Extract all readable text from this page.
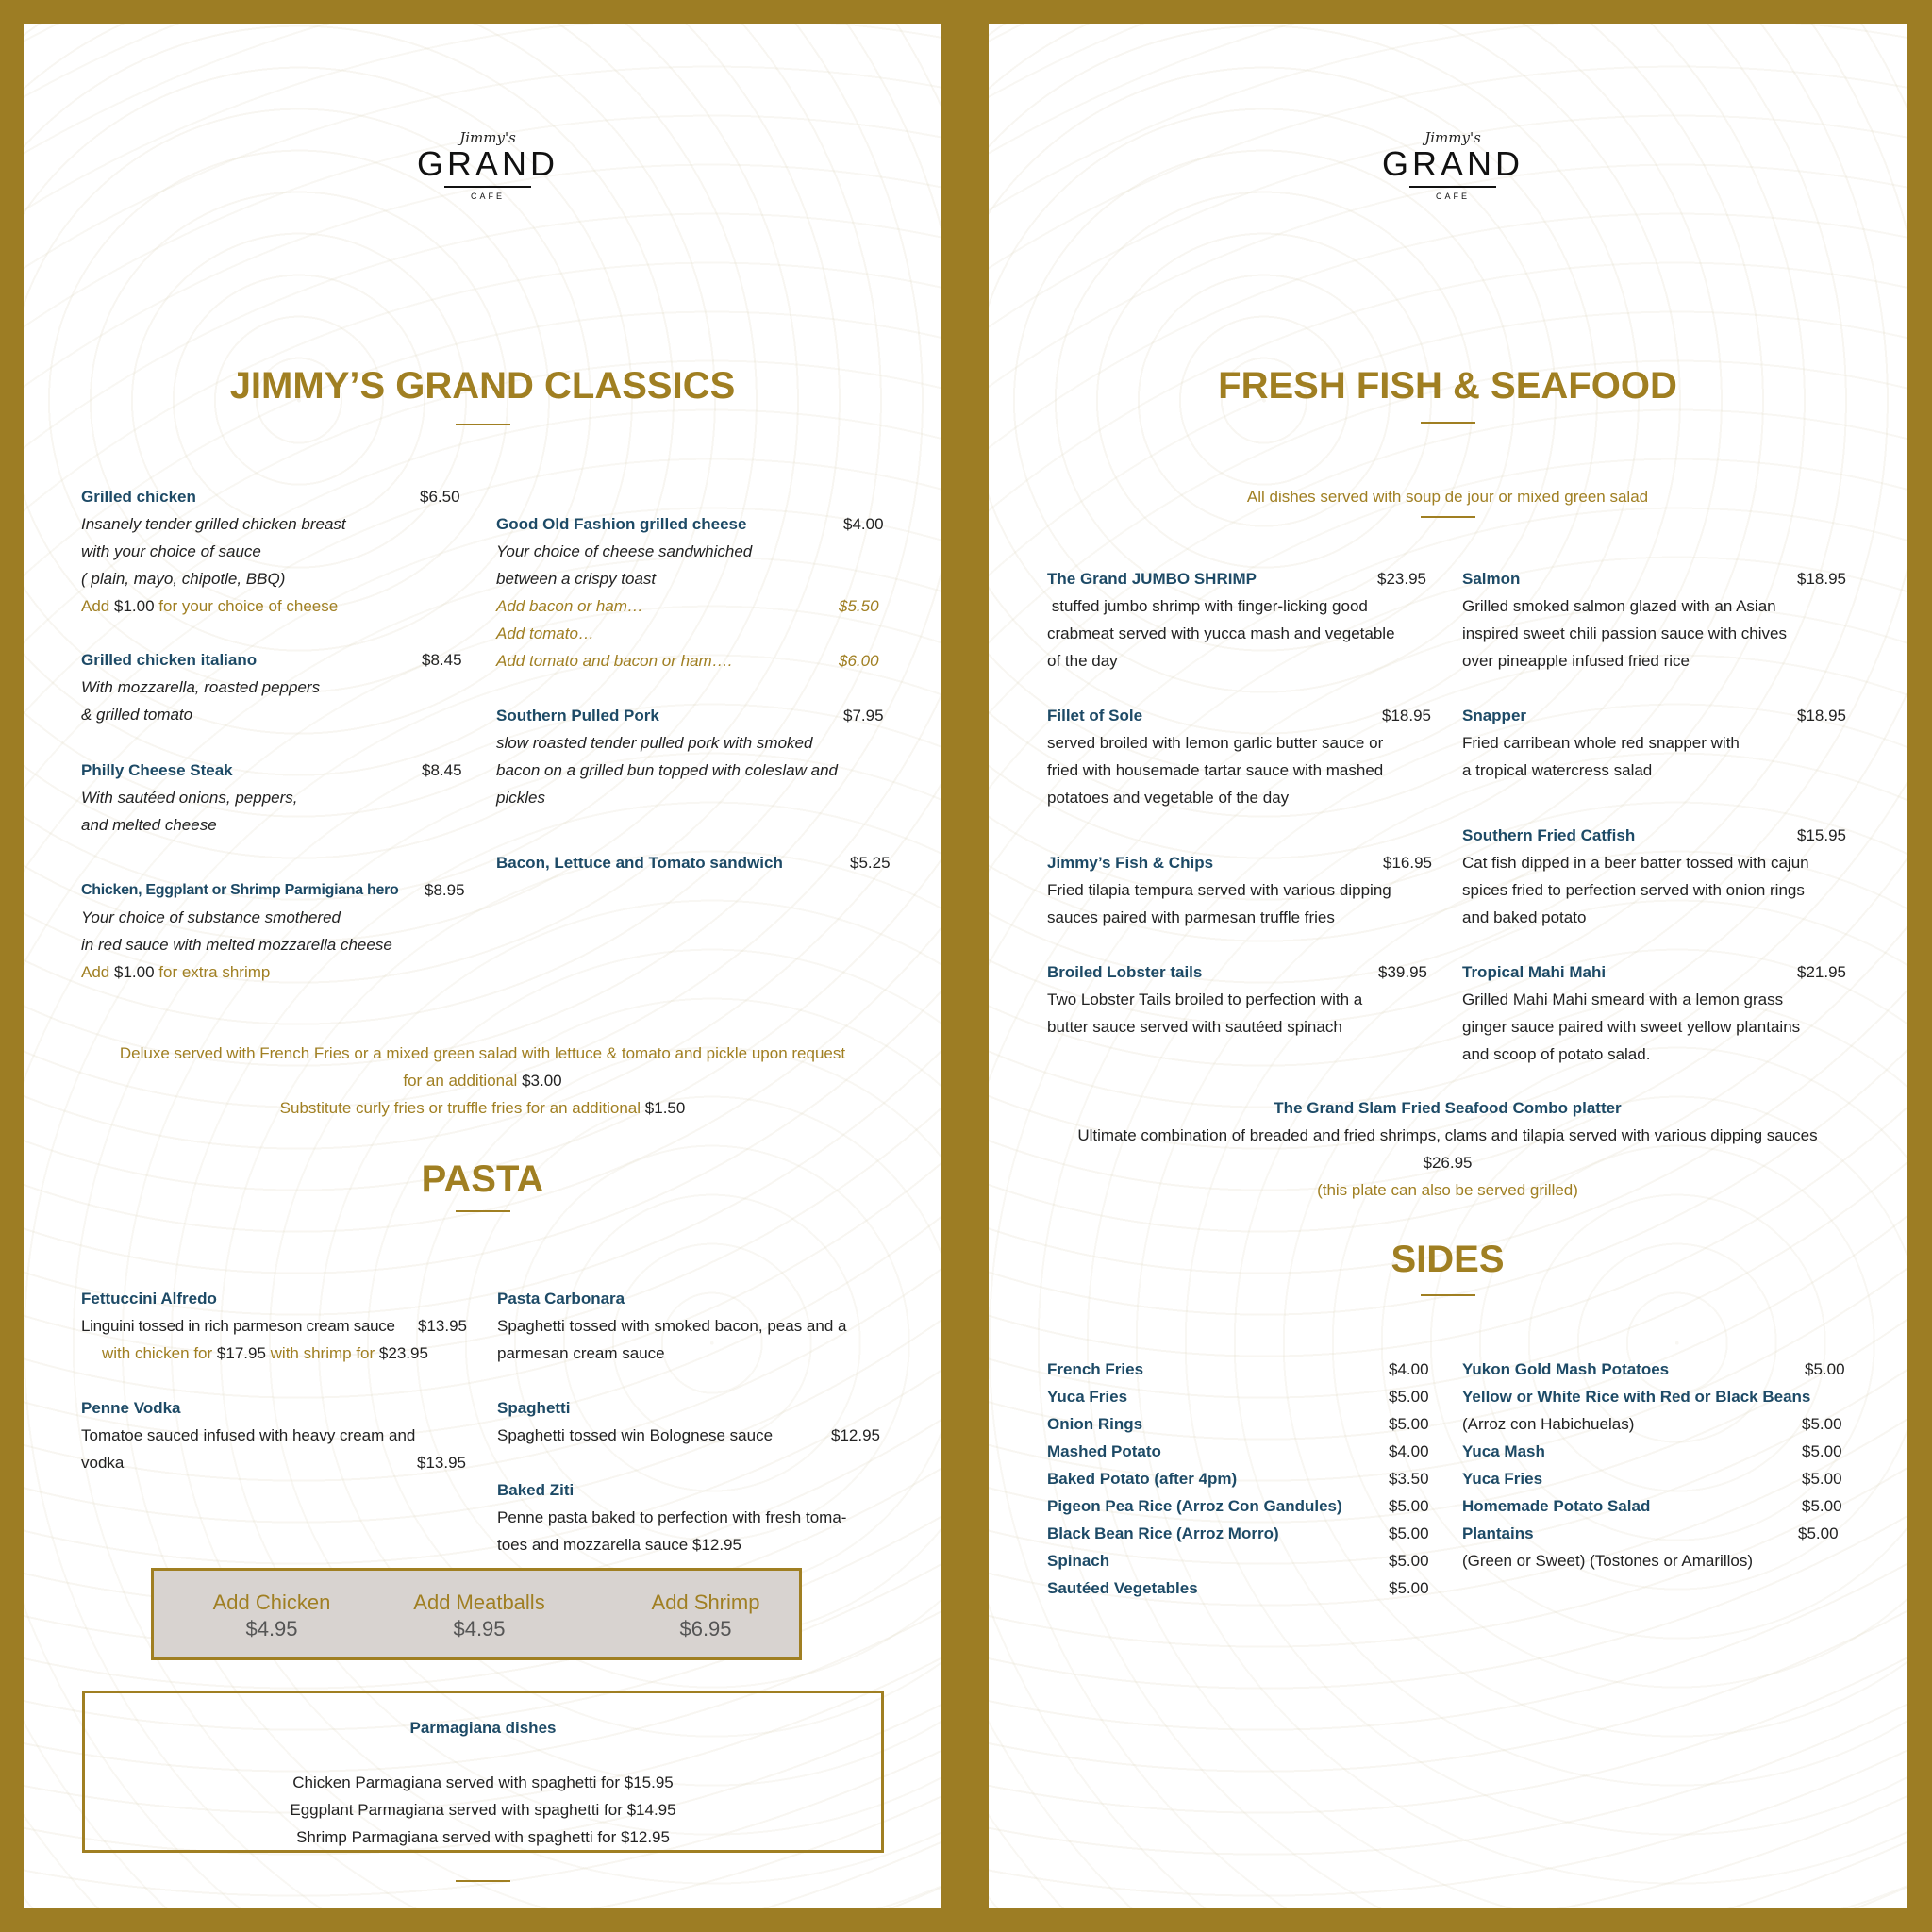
Jimmy's
GRAND
CAFÉ
JIMMY’S GRAND CLASSICS
Grilled chicken	$6.50
Insanely tender grilled chicken breast
with your choice of sauce
( plain, mayo, chipotle, BBQ)
Add $1.00 for your choice of cheese
Grilled chicken italiano	$8.45
With mozzarella, roasted peppers
& grilled tomato
Philly Cheese Steak	$8.45
With sautéed onions, peppers,
and melted cheese
Chicken, Eggplant or Shrimp Parmigiana hero $8.95
Your choice of substance smothered
in red sauce with melted mozzarella cheese
Add $1.00 for extra shrimp
Good Old Fashion grilled cheese	$4.00
Your choice of cheese sandwhiched
between a crispy toast
Add bacon or ham…	$5.50
Add tomato…
Add tomato and bacon or ham….	$6.00
Southern Pulled Pork	$7.95
slow roasted tender pulled pork with smoked
bacon on a grilled bun topped with coleslaw and
pickles
Bacon, Lettuce and Tomato sandwich	$5.25
Deluxe served with French Fries or a mixed green salad with lettuce & tomato and pickle upon request
for an additional $3.00
Substitute curly fries or truffle fries for an additional $1.50
PASTA
Fettuccini Alfredo
Linguini tossed in rich parmeson cream sauce $13.95
with chicken for $17.95 with shrimp for $23.95
Penne Vodka
Tomatoe sauced infused with heavy cream and
vodka	$13.95
Pasta Carbonara
Spaghetti tossed with smoked bacon, peas and a
parmesan cream sauce
Spaghetti
Spaghetti tossed win Bolognese sauce	$12.95
Baked Ziti
Penne pasta baked to perfection with fresh toma-
toes and mozzarella sauce $12.95
Add Chicken
$4.95
Add Meatballs
$4.95
Add Shrimp
$6.95
Parmagiana dishes
Chicken Parmagiana served with spaghetti for $15.95
Eggplant Parmagiana served with spaghetti for $14.95
Shrimp Parmagiana served with spaghetti for $12.95
Jimmy's
GRAND
CAFÉ
FRESH FISH & SEAFOOD
All dishes served with soup de jour or mixed green salad
The Grand JUMBO SHRIMP	$23.95
stuffed jumbo shrimp with finger-licking good
crabmeat served with yucca mash and vegetable
of the day
Fillet of Sole	$18.95
served broiled with lemon garlic butter sauce or
fried with housemade tartar sauce with mashed
potatoes and vegetable of the day
Jimmy’s Fish & Chips	$16.95
Fried tilapia tempura served with various dipping
sauces paired with parmesan truffle fries
Broiled Lobster tails	$39.95
Two Lobster Tails broiled to perfection with a
butter sauce served with sautéed spinach
Salmon	$18.95
Grilled smoked salmon glazed with an Asian
inspired sweet chili passion sauce with chives
over pineapple infused fried rice
Snapper	$18.95
Fried carribean whole red snapper with
a tropical watercress salad
Southern Fried Catfish	$15.95
Cat fish dipped in a beer batter tossed with cajun
spices fried to perfection served with onion rings
and baked potato
Tropical Mahi Mahi	$21.95
Grilled Mahi Mahi smeard with a lemon grass
ginger sauce paired with sweet yellow plantains
and scoop of potato salad.
The Grand Slam Fried Seafood Combo platter
Ultimate combination of breaded and fried shrimps, clams and tilapia served with various dipping sauces
$26.95
(this plate can also be served grilled)
SIDES
French Fries	$4.00
Yuca Fries	$5.00
Onion Rings	$5.00
Mashed Potato	$4.00
Baked Potato (after 4pm)	$3.50
Pigeon Pea Rice (Arroz Con Gandules)	$5.00
Black Bean Rice (Arroz Morro)	$5.00
Spinach	$5.00
Sautéed Vegetables	$5.00
Yukon Gold Mash Potatoes	$5.00
Yellow or White Rice with Red or Black Beans
(Arroz con Habichuelas)	$5.00
Yuca Mash	$5.00
Yuca Fries	$5.00
Homemade Potato Salad	$5.00
Plantains	$5.00
(Green or Sweet) (Tostones or Amarillos)
